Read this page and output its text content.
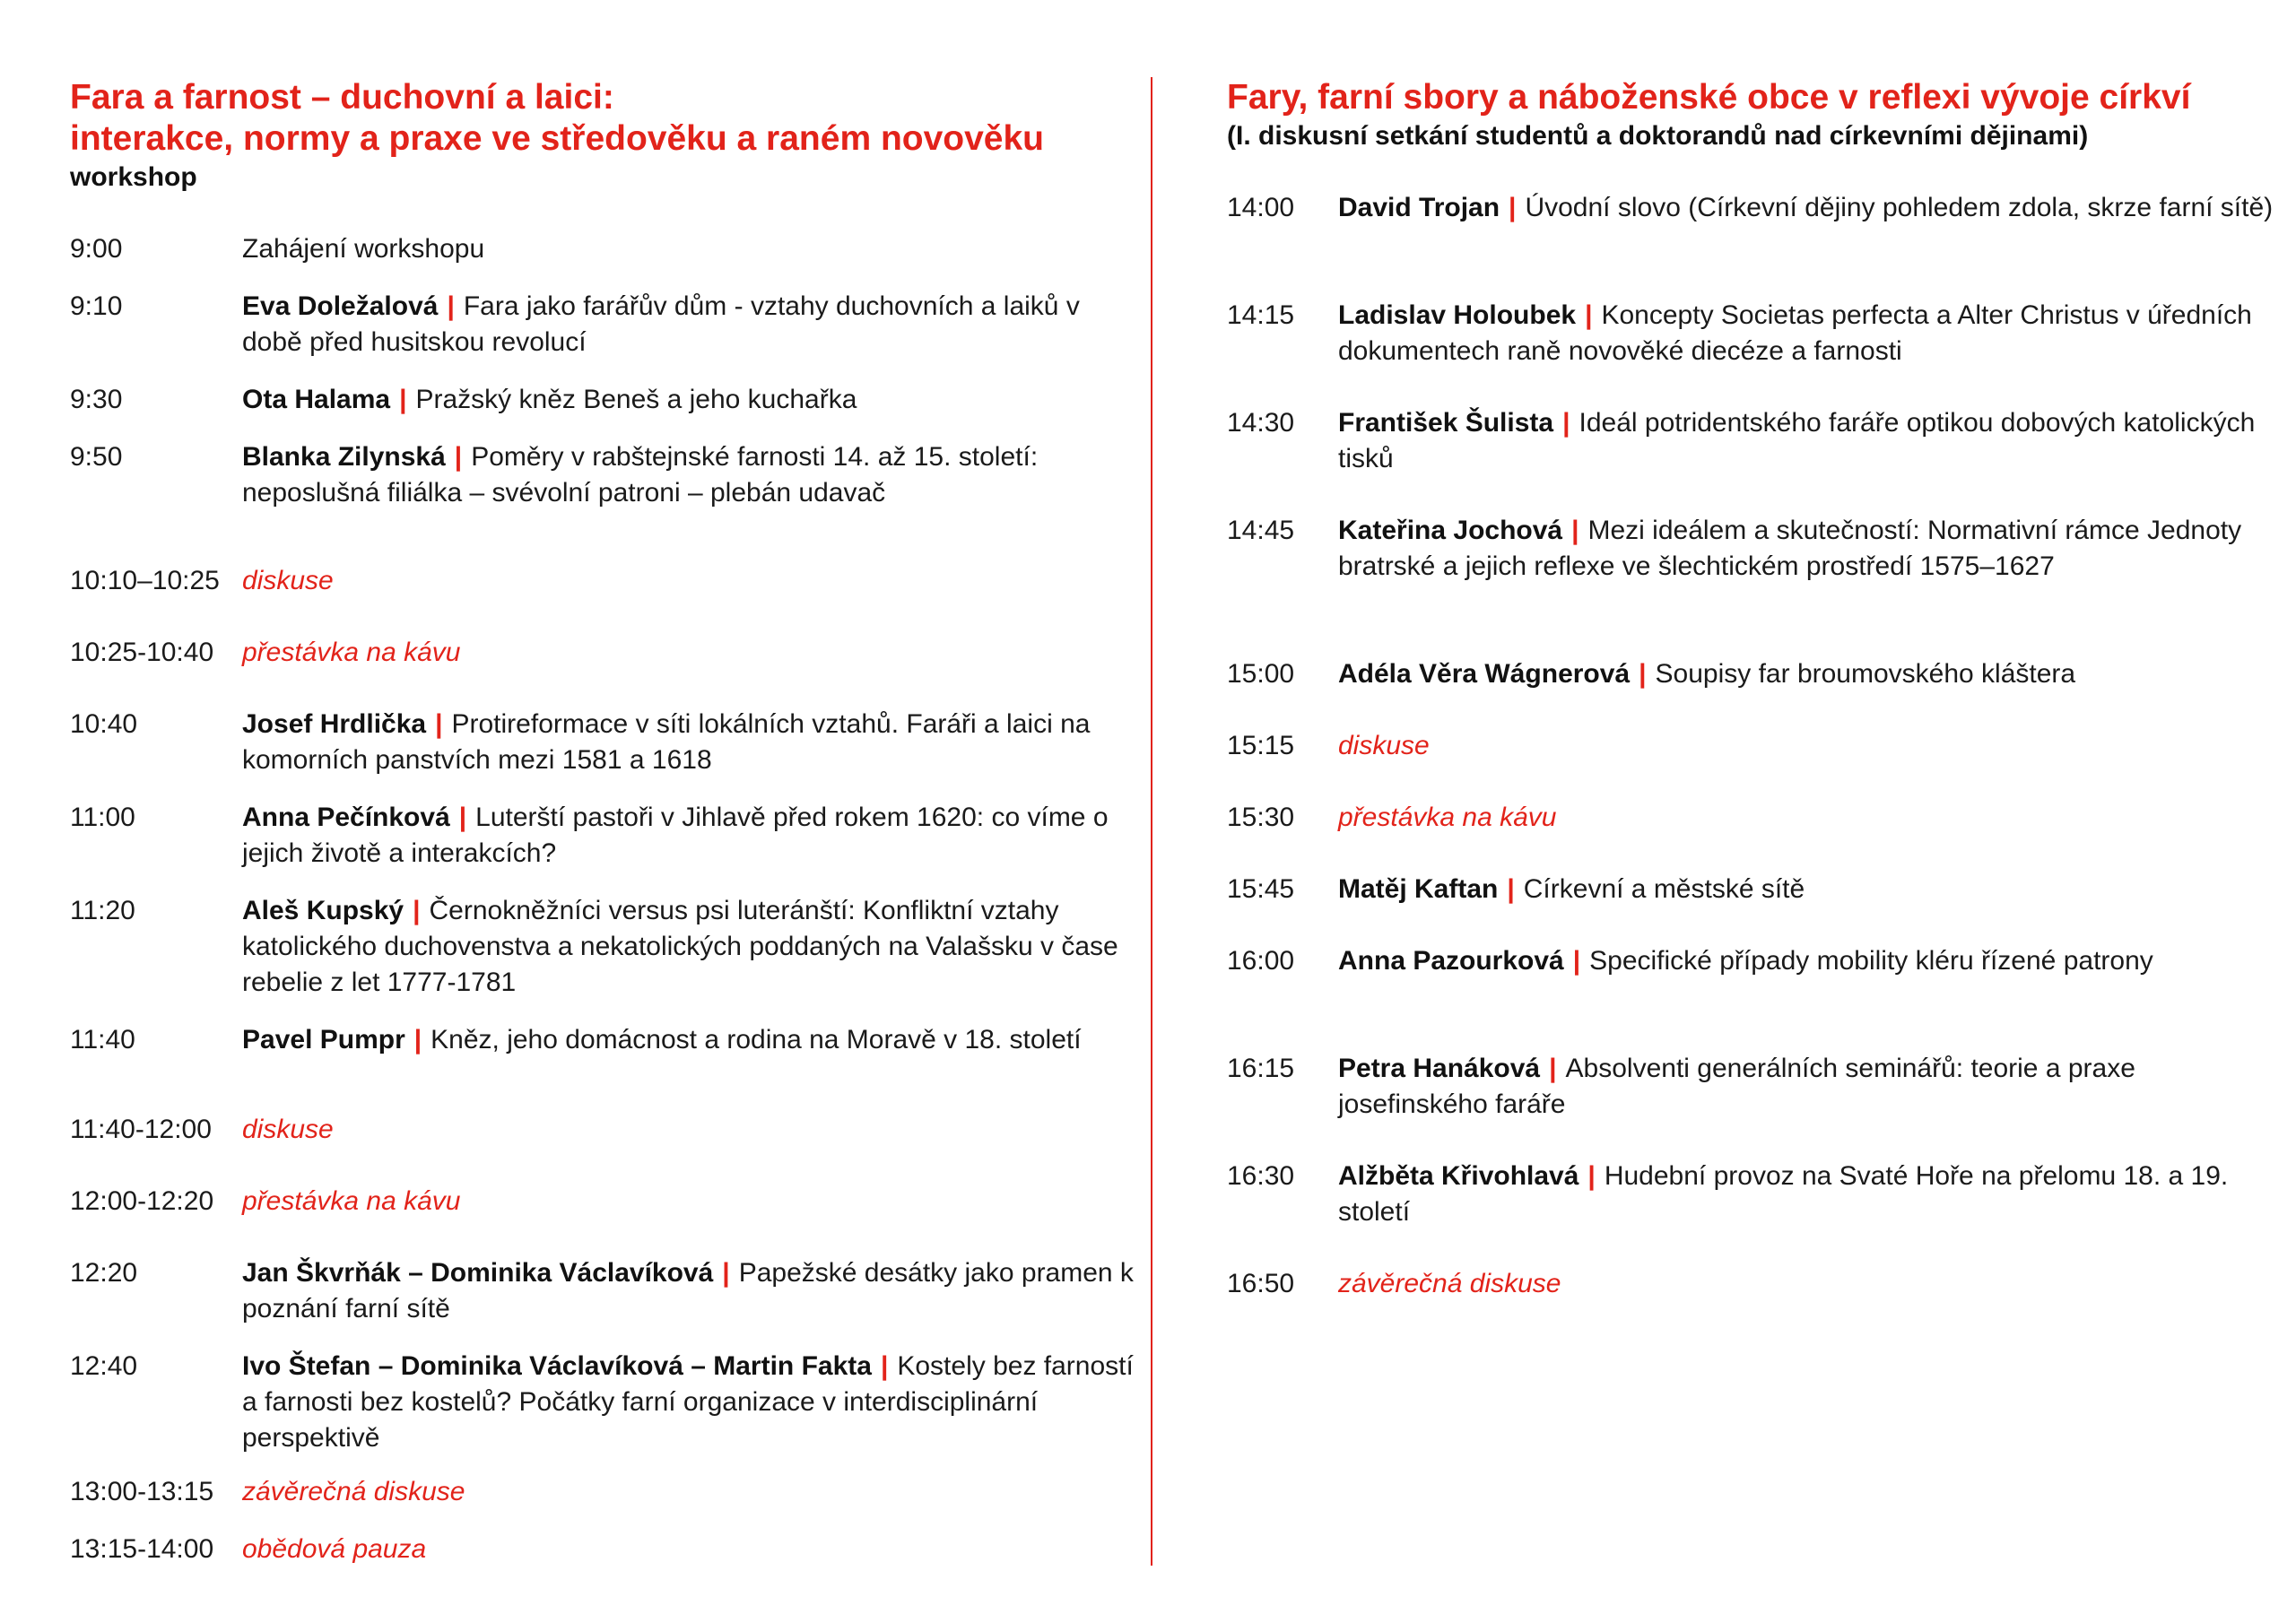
Fara a farnost – duchovní a laici:
interakce, normy a praxe ve středověku a raném novověku
workshop
9:00	Zahájení workshopu
9:10	Eva Doležalová | Fara jako farářův dům - vztahy duchovních a laiků v době před husitskou revolucí
9:30	Ota Halama | Pražský kněz Beneš a jeho kuchařka
9:50	Blanka Zilynská | Poměry v rabštejnské farnosti 14. až 15. století: neposlušná filiálka – svévolní patroni – plebán udavač
10:10–10:25 diskuse
10:25-10:40	přestávka na kávu
10:40	Josef Hrdlička | Protireformace v síti lokálních vztahů. Faráři a laici na komorních panstvích mezi 1581 a 1618
11:00	Anna Pečínková | Luterští pastoři v Jihlavě před rokem 1620: co víme o jejich životě a interakcích?
11:20	Aleš Kupský | Černokněžníci versus psi luteránští: Konfliktní vztahy katolického duchovenstva a nekatolických poddaných na Valašsku v čase rebelie z let 1777-1781
11:40	Pavel Pumpr | Kněz, jeho domácnost a rodina na Moravě v 18. století
11:40-12:00	diskuse
12:00-12:20	přestávka na kávu
12:20	Jan Škvrňák – Dominika Václavíková | Papežské desátky jako pramen k poznání farní sítě
12:40	Ivo Štefan – Dominika Václavíková – Martin Fakta | Kostely bez farností a farnosti bez kostelů? Počátky farní organizace v interdisciplinární perspektivě
13:00-13:15	závěrečná diskuse
13:15-14:00	obědová pauza
Fary, farní sbory a náboženské obce v reflexi vývoje církví
(I. diskusní setkání studentů a doktorandů nad církevními dějinami)
14:00	David Trojan | Úvodní slovo (Církevní dějiny pohledem zdola, skrze farní sítě)
14:15	Ladislav Holoubek | Koncepty Societas perfecta a Alter Christus v úředních dokumentech raně novověké diecéze a farnosti
14:30	František Šulista | Ideál potridentského faráře optikou dobových katolických tisků
14:45	Kateřina Jochová | Mezi ideálem a skutečností: Normativní rámce Jednoty bratrské a jejich reflexe ve šlechtickém prostředí 1575–1627
15:00	Adéla Věra Wágnerová | Soupisy far broumovského kláštera
15:15	diskuse
15:30	přestávka na kávu
15:45	Matěj Kaftan | Církevní a městské sítě
16:00	Anna Pazourková | Specifické případy mobility kléru řízené patrony
16:15	Petra Hanáková | Absolventi generálních seminářů: teorie a praxe josefinského faráře
16:30	Alžběta Křivohlavá | Hudební provoz na Svaté Hoře na přelomu 18. a 19. století
16:50	závěrečná diskuse
